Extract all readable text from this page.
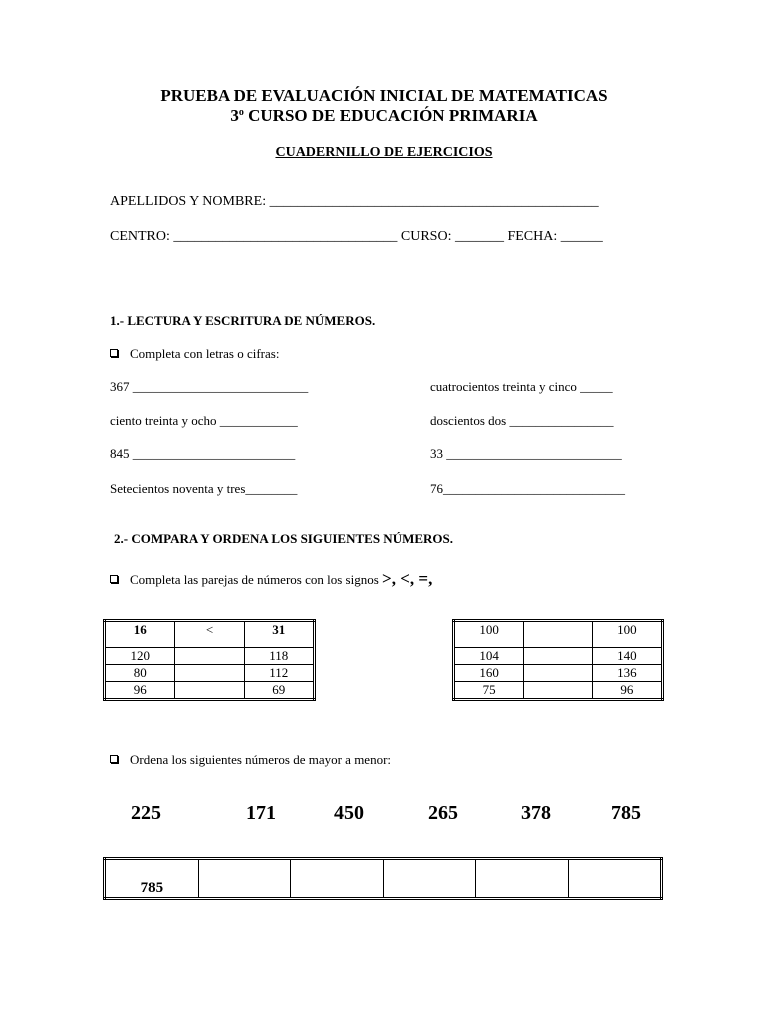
PRUEBA DE EVALUACIÓN INICIAL DE MATEMATICAS
3$^o$ CURSO DE EDUCACIÓN PRIMARIA
CUADERNILLO DE EJERCICIOS
APELLIDOS Y NOMBRE: _______________________________________________
CENTRO: ________________________________ CURSO: _______ FECHA: ______
1.- LECTURA Y ESCRITURA DE NÚMEROS.
Completa con letras o cifras:
367 ___________________________
ciento treinta y ocho ____________
845 _________________________
Setecientos noventa y tres________
cuatrocientos treinta y cinco _____
doscientos dos ________________
33 ___________________________
76____________________________
2.- COMPARA Y ORDENA LOS SIGUIENTES NÚMEROS.
Completa las parejas de números con los signos >, <, =,
16	<	31
120		118
80		112
96		69
100		100
104		140
160		136
75		96
Ordena los siguientes números de mayor a menor:
225	171	450	265	378	785
785					
